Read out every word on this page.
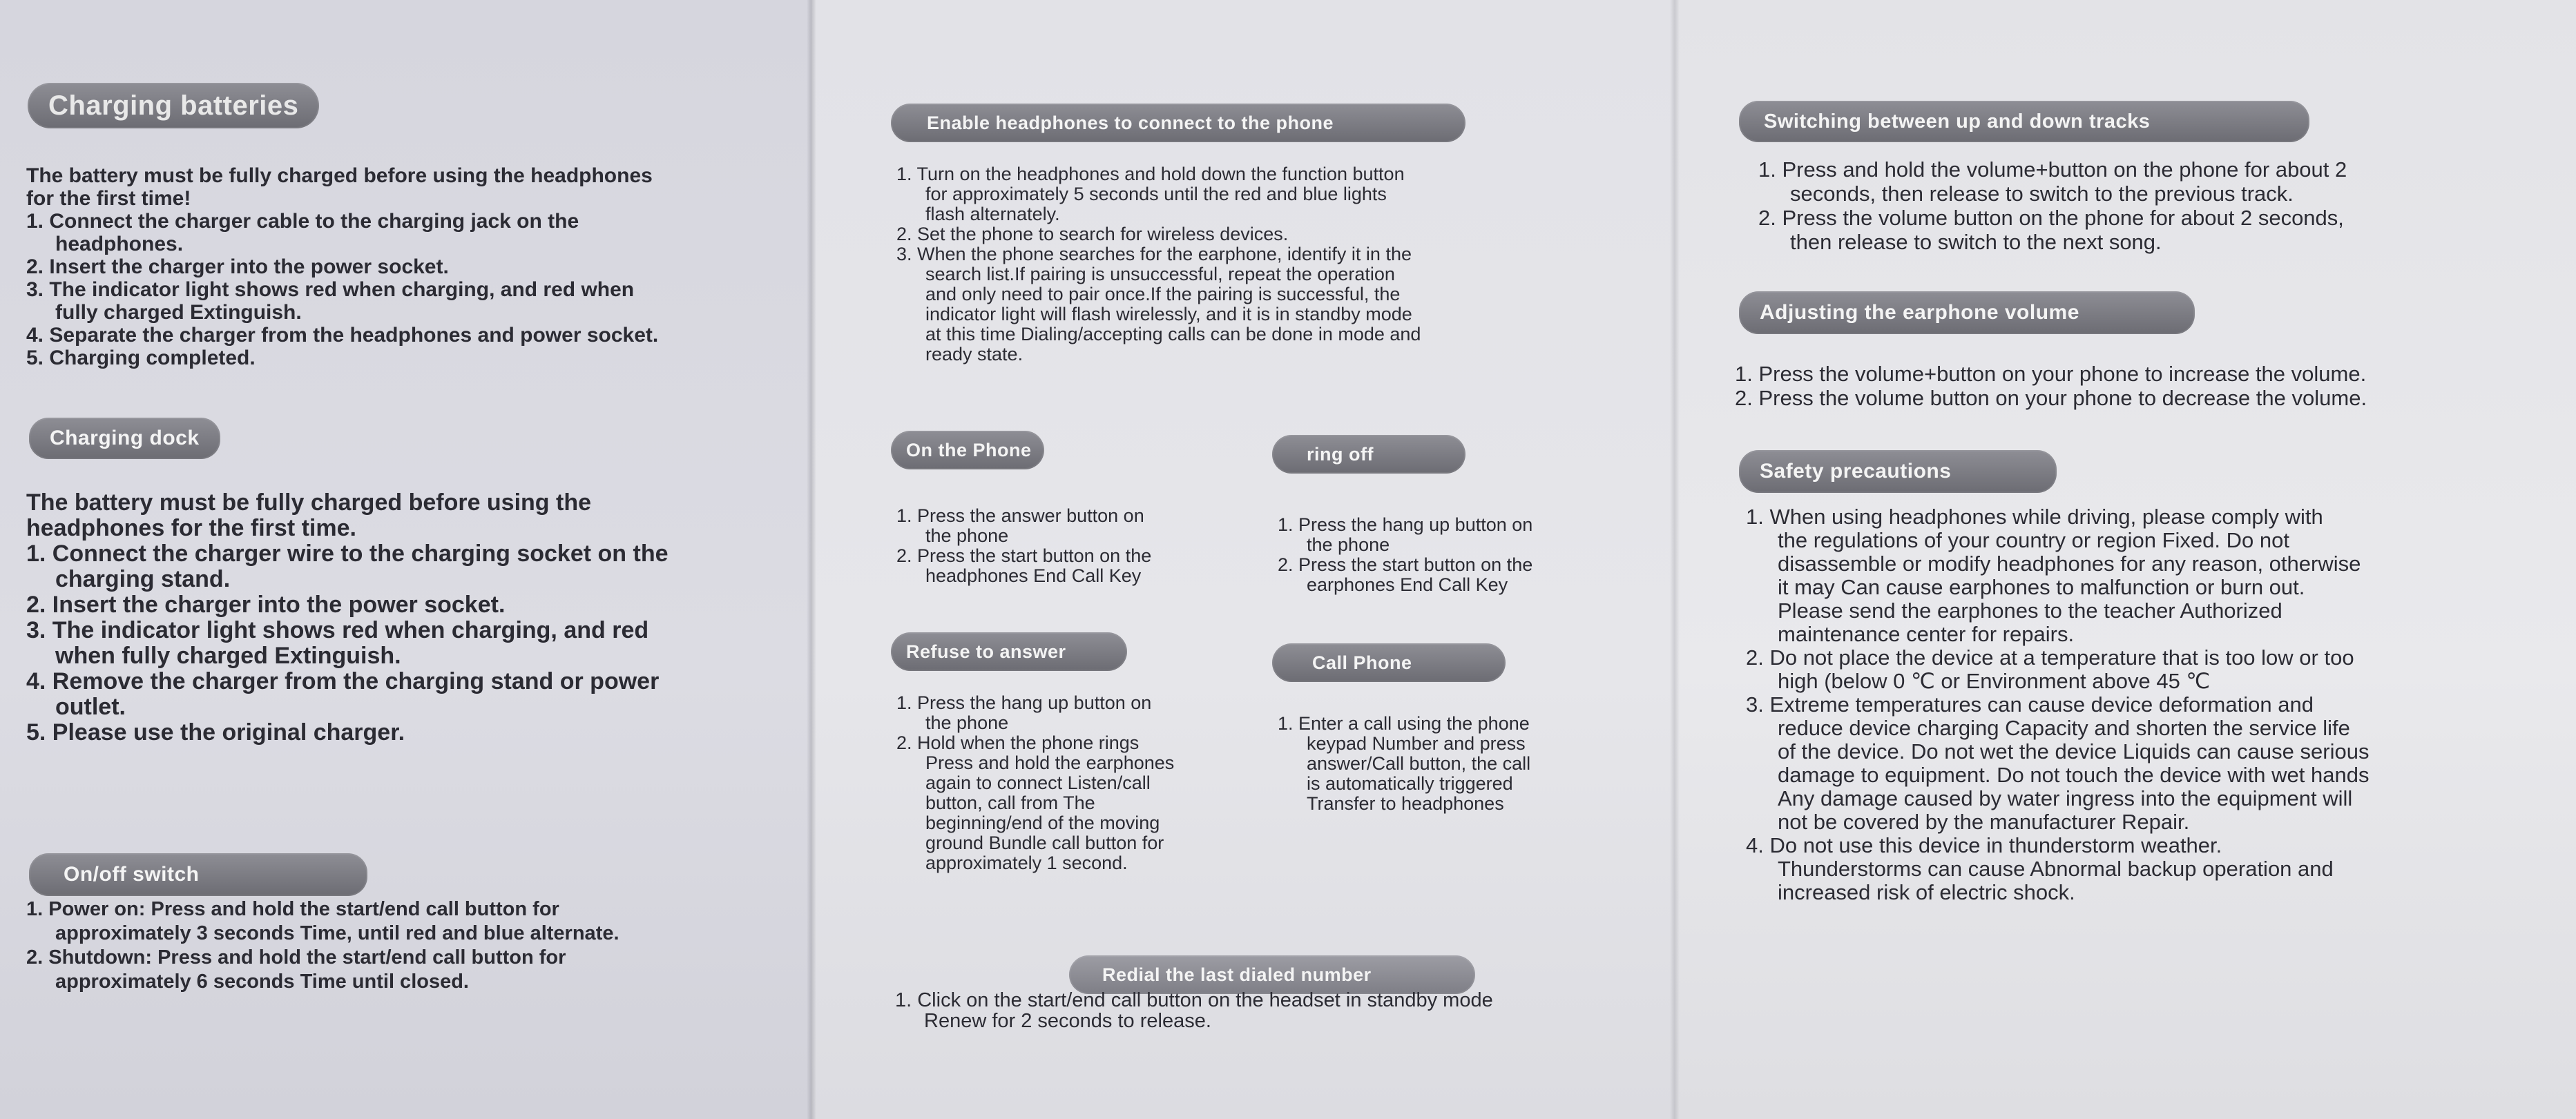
Charging batteries
The battery must be fully charged before using the headphones
for the first time!
1. Connect the charger cable to the charging jack on the
headphones.
2. Insert the charger into the power socket.
3. The indicator light shows red when charging, and red when
fully charged Extinguish.
4. Separate the charger from the headphones and power socket.
5. Charging completed.
Charging dock
The battery must be fully charged before using the
headphones for the first time.
1. Connect the charger wire to the charging socket on the
charging stand.
2. Insert the charger into the power socket.
3. The indicator light shows red when charging, and red
when fully charged Extinguish.
4. Remove the charger from the charging stand or power
outlet.
5. Please use the original charger.
On/off switch
1. Power on: Press and hold the start/end call button for
approximately 3 seconds Time, until red and blue alternate.
2. Shutdown: Press and hold the start/end call button for
approximately 6 seconds Time until closed.
Enable headphones to connect to the phone
1. Turn on the headphones and hold down the function button
for approximately 5 seconds until the red and blue lights
flash alternately.
2. Set the phone to search for wireless devices.
3. When the phone searches for the earphone, identify it in the
search list.If pairing is unsuccessful, repeat the operation
and only need to pair once.If the pairing is successful, the
indicator light will flash wirelessly, and it is in standby mode
at this time Dialing/accepting calls can be done in mode and
ready state.
On the Phone
1. Press the answer button on
the phone
2. Press the start button on the
headphones End Call Key
ring off
1. Press the hang up button on
the phone
2. Press the start button on the
earphones End Call Key
Refuse to answer
1. Press the hang up button on
the phone
2. Hold when the phone rings
Press and hold the earphones
again to connect Listen/call
button, call from The
beginning/end of the moving
ground Bundle call button for
approximately 1 second.
Call Phone
1. Enter a call using the phone
keypad Number and press
answer/Call button, the call
is automatically triggered
Transfer to headphones
Redial the last dialed number
1. Click on the start/end call button on the headset in standby mode
Renew for 2 seconds to release.
Switching between up and down tracks
1. Press and hold the volume+button on the phone for about 2
seconds, then release to switch to the previous track.
2. Press the volume button on the phone for about 2 seconds,
then release to switch to the next song.
Adjusting the earphone volume
1. Press the volume+button on your phone to increase the volume.
2. Press the volume button on your phone to decrease the volume.
Safety precautions
1. When using headphones while driving, please comply with
the regulations of your country or region Fixed. Do not
disassemble or modify headphones for any reason, otherwise
it may Can cause earphones to malfunction or burn out.
Please send the earphones to the teacher Authorized
maintenance center for repairs.
2. Do not place the device at a temperature that is too low or too
high (below 0 ℃ or Environment above 45 ℃
3. Extreme temperatures can cause device deformation and
reduce device charging Capacity and shorten the service life
of the device. Do not wet the device Liquids can cause serious
damage to equipment. Do not touch the device with wet hands
Any damage caused by water ingress into the equipment will
not be covered by the manufacturer Repair.
4. Do not use this device in thunderstorm weather.
Thunderstorms can cause Abnormal backup operation and
increased risk of electric shock.
